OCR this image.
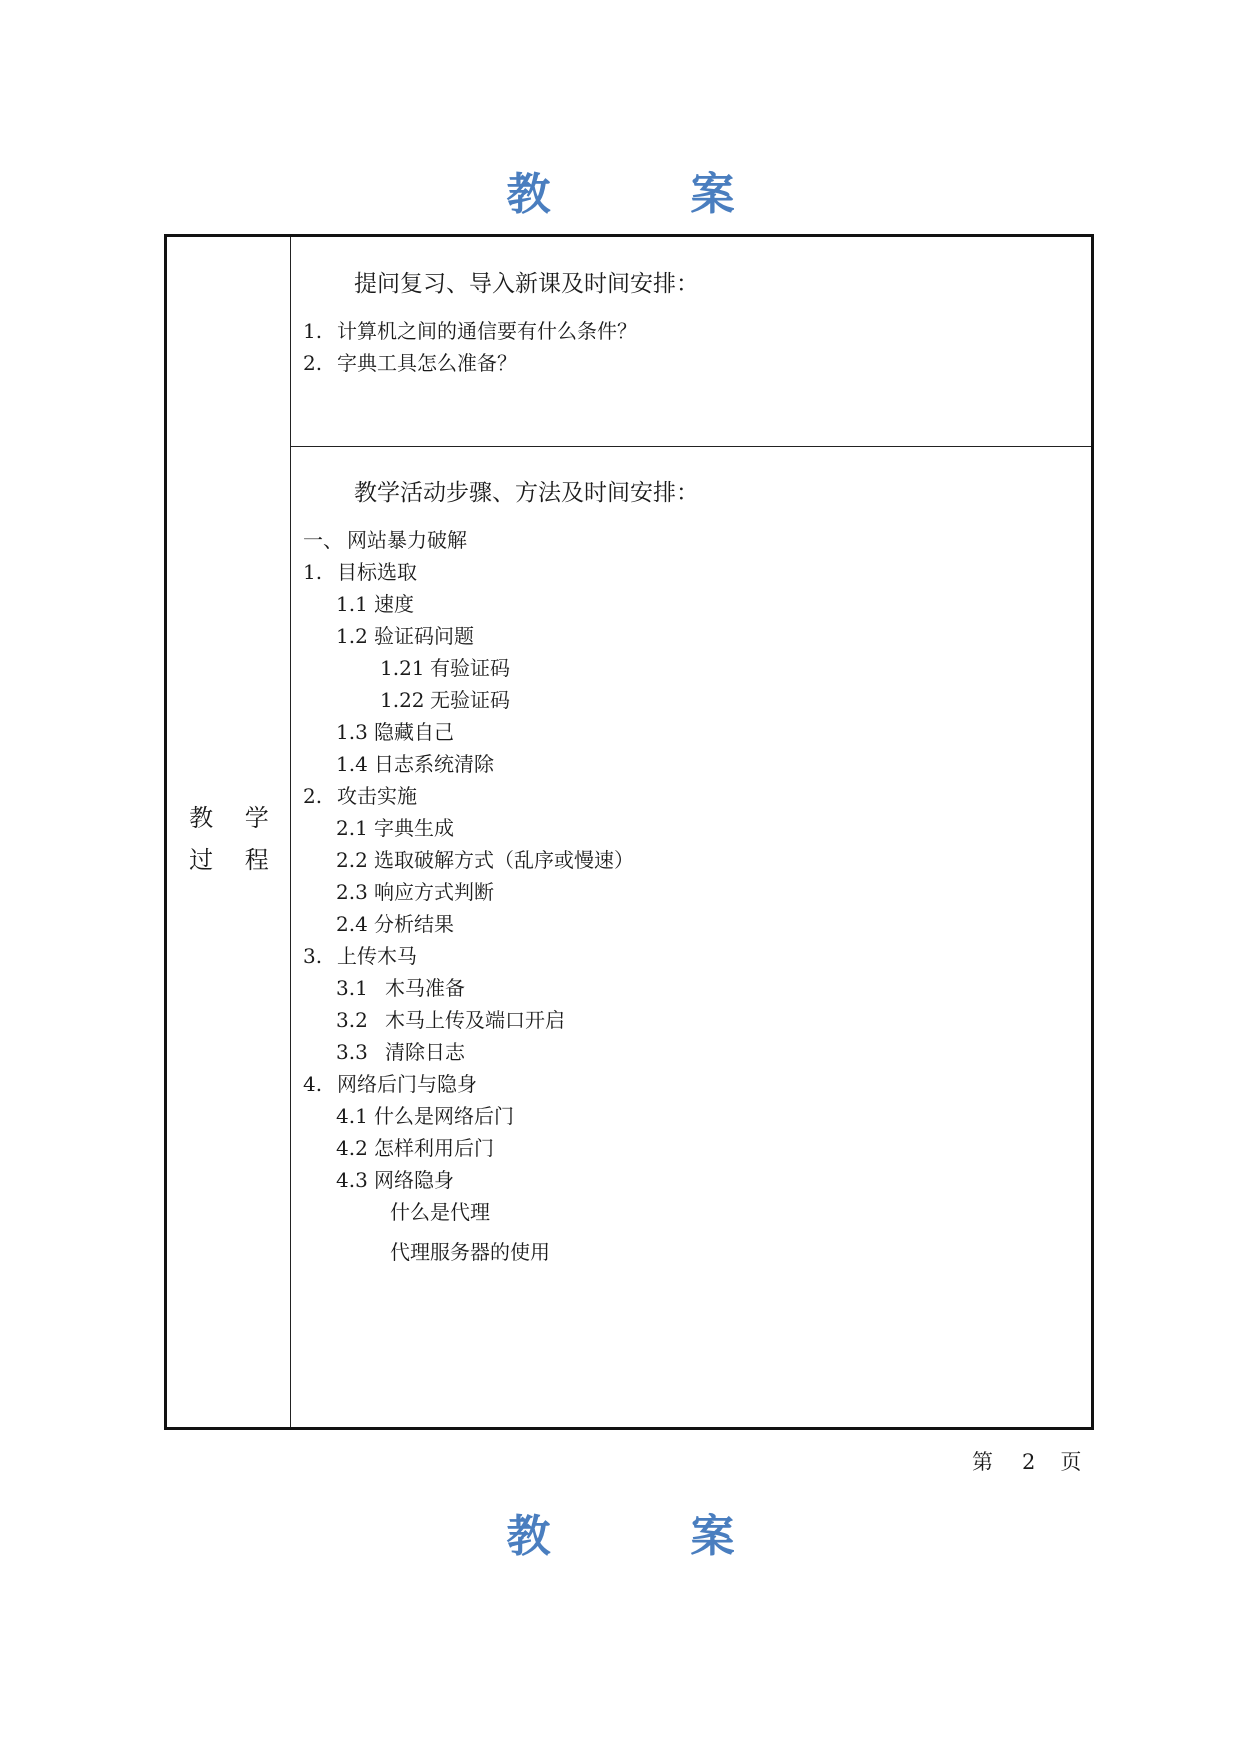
教	案
教 学
过 程
提问复习、导入新课及时间安排：
1. 计算机之间的通信要有什么条件？
2. 字典工具怎么准备？
教学活动步骤、方法及时间安排：
一、 网站暴力破解
1. 目标选取
1.1 速度
1.2 验证码问题
1.21 有验证码
1.22 无验证码
1.3 隐藏自己
1.4 日志系统清除
2. 攻击实施
2.1 字典生成
2.2 选取破解方式（乱序或慢速）
2.3 响应方式判断
2.4 分析结果
3. 上传木马
3.1 木马准备
3.2 木马上传及端口开启
3.3 清除日志
4. 网络后门与隐身
4.1 什么是网络后门
4.2 怎样利用后门
4.3 网络隐身
什么是代理
代理服务器的使用
第 2 页
教	案
